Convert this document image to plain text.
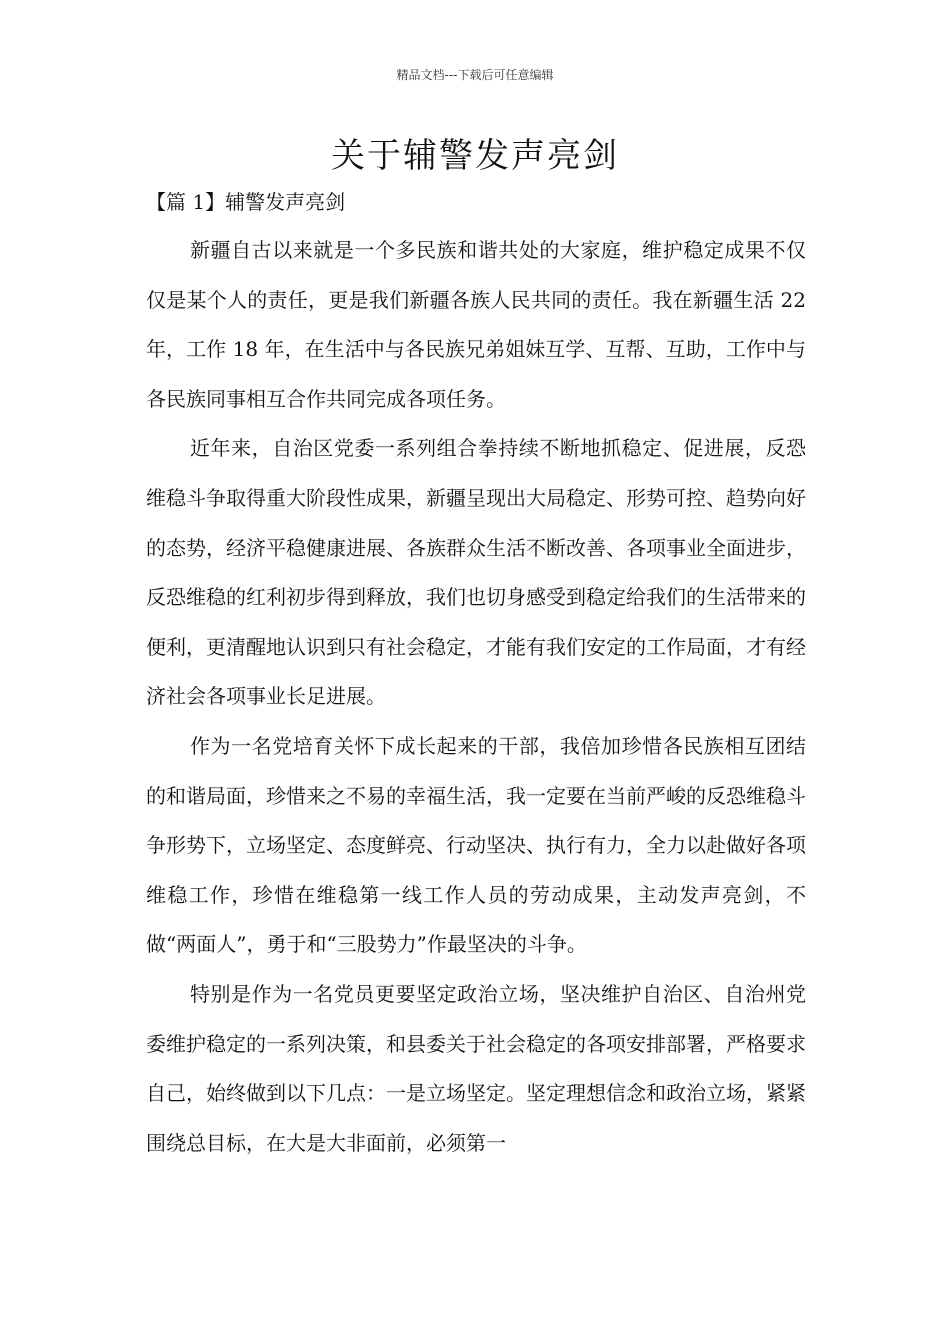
精品文档---下载后可任意编辑
关于辅警发声亮剑

【篇 1】辅警发声亮剑

新疆自古以来就是一个多民族和谐共处的大家庭，维护稳定成果不仅仅是某个人的责任，更是我们新疆各族人民共同的责任。我在新疆生活 22 年，工作 18 年，在生活中与各民族兄弟姐妹互学、互帮、互助，工作中与各民族同事相互合作共同完成各项任务。

近年来，自治区党委一系列组合拳持续不断地抓稳定、促进展，反恐维稳斗争取得重大阶段性成果，新疆呈现出大局稳定、形势可控、趋势向好的态势，经济平稳健康进展、各族群众生活不断改善、各项事业全面进步，反恐维稳的红利初步得到释放，我们也切身感受到稳定给我们的生活带来的便利，更清醒地认识到只有社会稳定，才能有我们安定的工作局面，才有经济社会各项事业长足进展。

作为一名党培育关怀下成长起来的干部，我倍加珍惜各民族相互团结的和谐局面，珍惜来之不易的幸福生活，我一定要在当前严峻的反恐维稳斗争形势下，立场坚定、态度鲜亮、行动坚决、执行有力，全力以赴做好各项维稳工作，珍惜在维稳第一线工作人员的劳动成果，主动发声亮剑，不做“两面人”，勇于和“三股势力”作最坚决的斗争。

特别是作为一名党员更要坚定政治立场，坚决维护自治区、自治州党委维护稳定的一系列决策，和县委关于社会稳定的各项安排部署，严格要求自己，始终做到以下几点：一是立场坚定。坚定理想信念和政治立场，紧紧围绕总目标，在大是大非面前，必须第一
